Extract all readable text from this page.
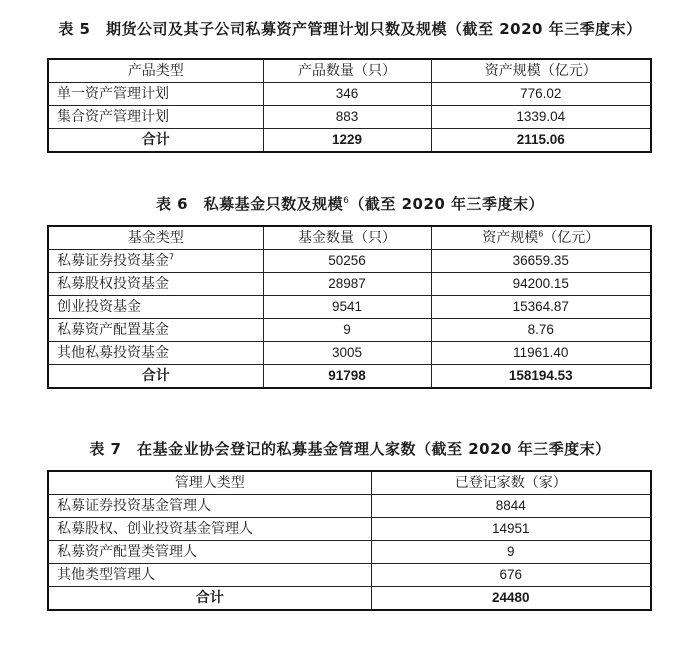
表 5　期货公司及其子公司私募资产管理计划只数及规模（截至 2020 年三季度末）
产品类型	产品数量（只）	资产规模（亿元）
单一资产管理计划	346	776.02
集合资产管理计划	883	1339.04
合计	1229	2115.06
表 6　私募基金只数及规模$^6$（截至 2020 年三季度末）
基金类型	基金数量（只）	资产规模$^6$（亿元）
私募证券投资基金$^7$	50256	36659.35
私募股权投资基金	28987	94200.15
创业投资基金	9541	15364.87
私募资产配置基金	9	8.76
其他私募投资基金	3005	11961.40
合计	91798	158194.53
表 7　在基金业协会登记的私募基金管理人家数（截至 2020 年三季度末）
管理人类型	已登记家数（家）
私募证券投资基金管理人	8844
私募股权、创业投资基金管理人	14951
私募资产配置类管理人	9
其他类型管理人	676
合计	24480
